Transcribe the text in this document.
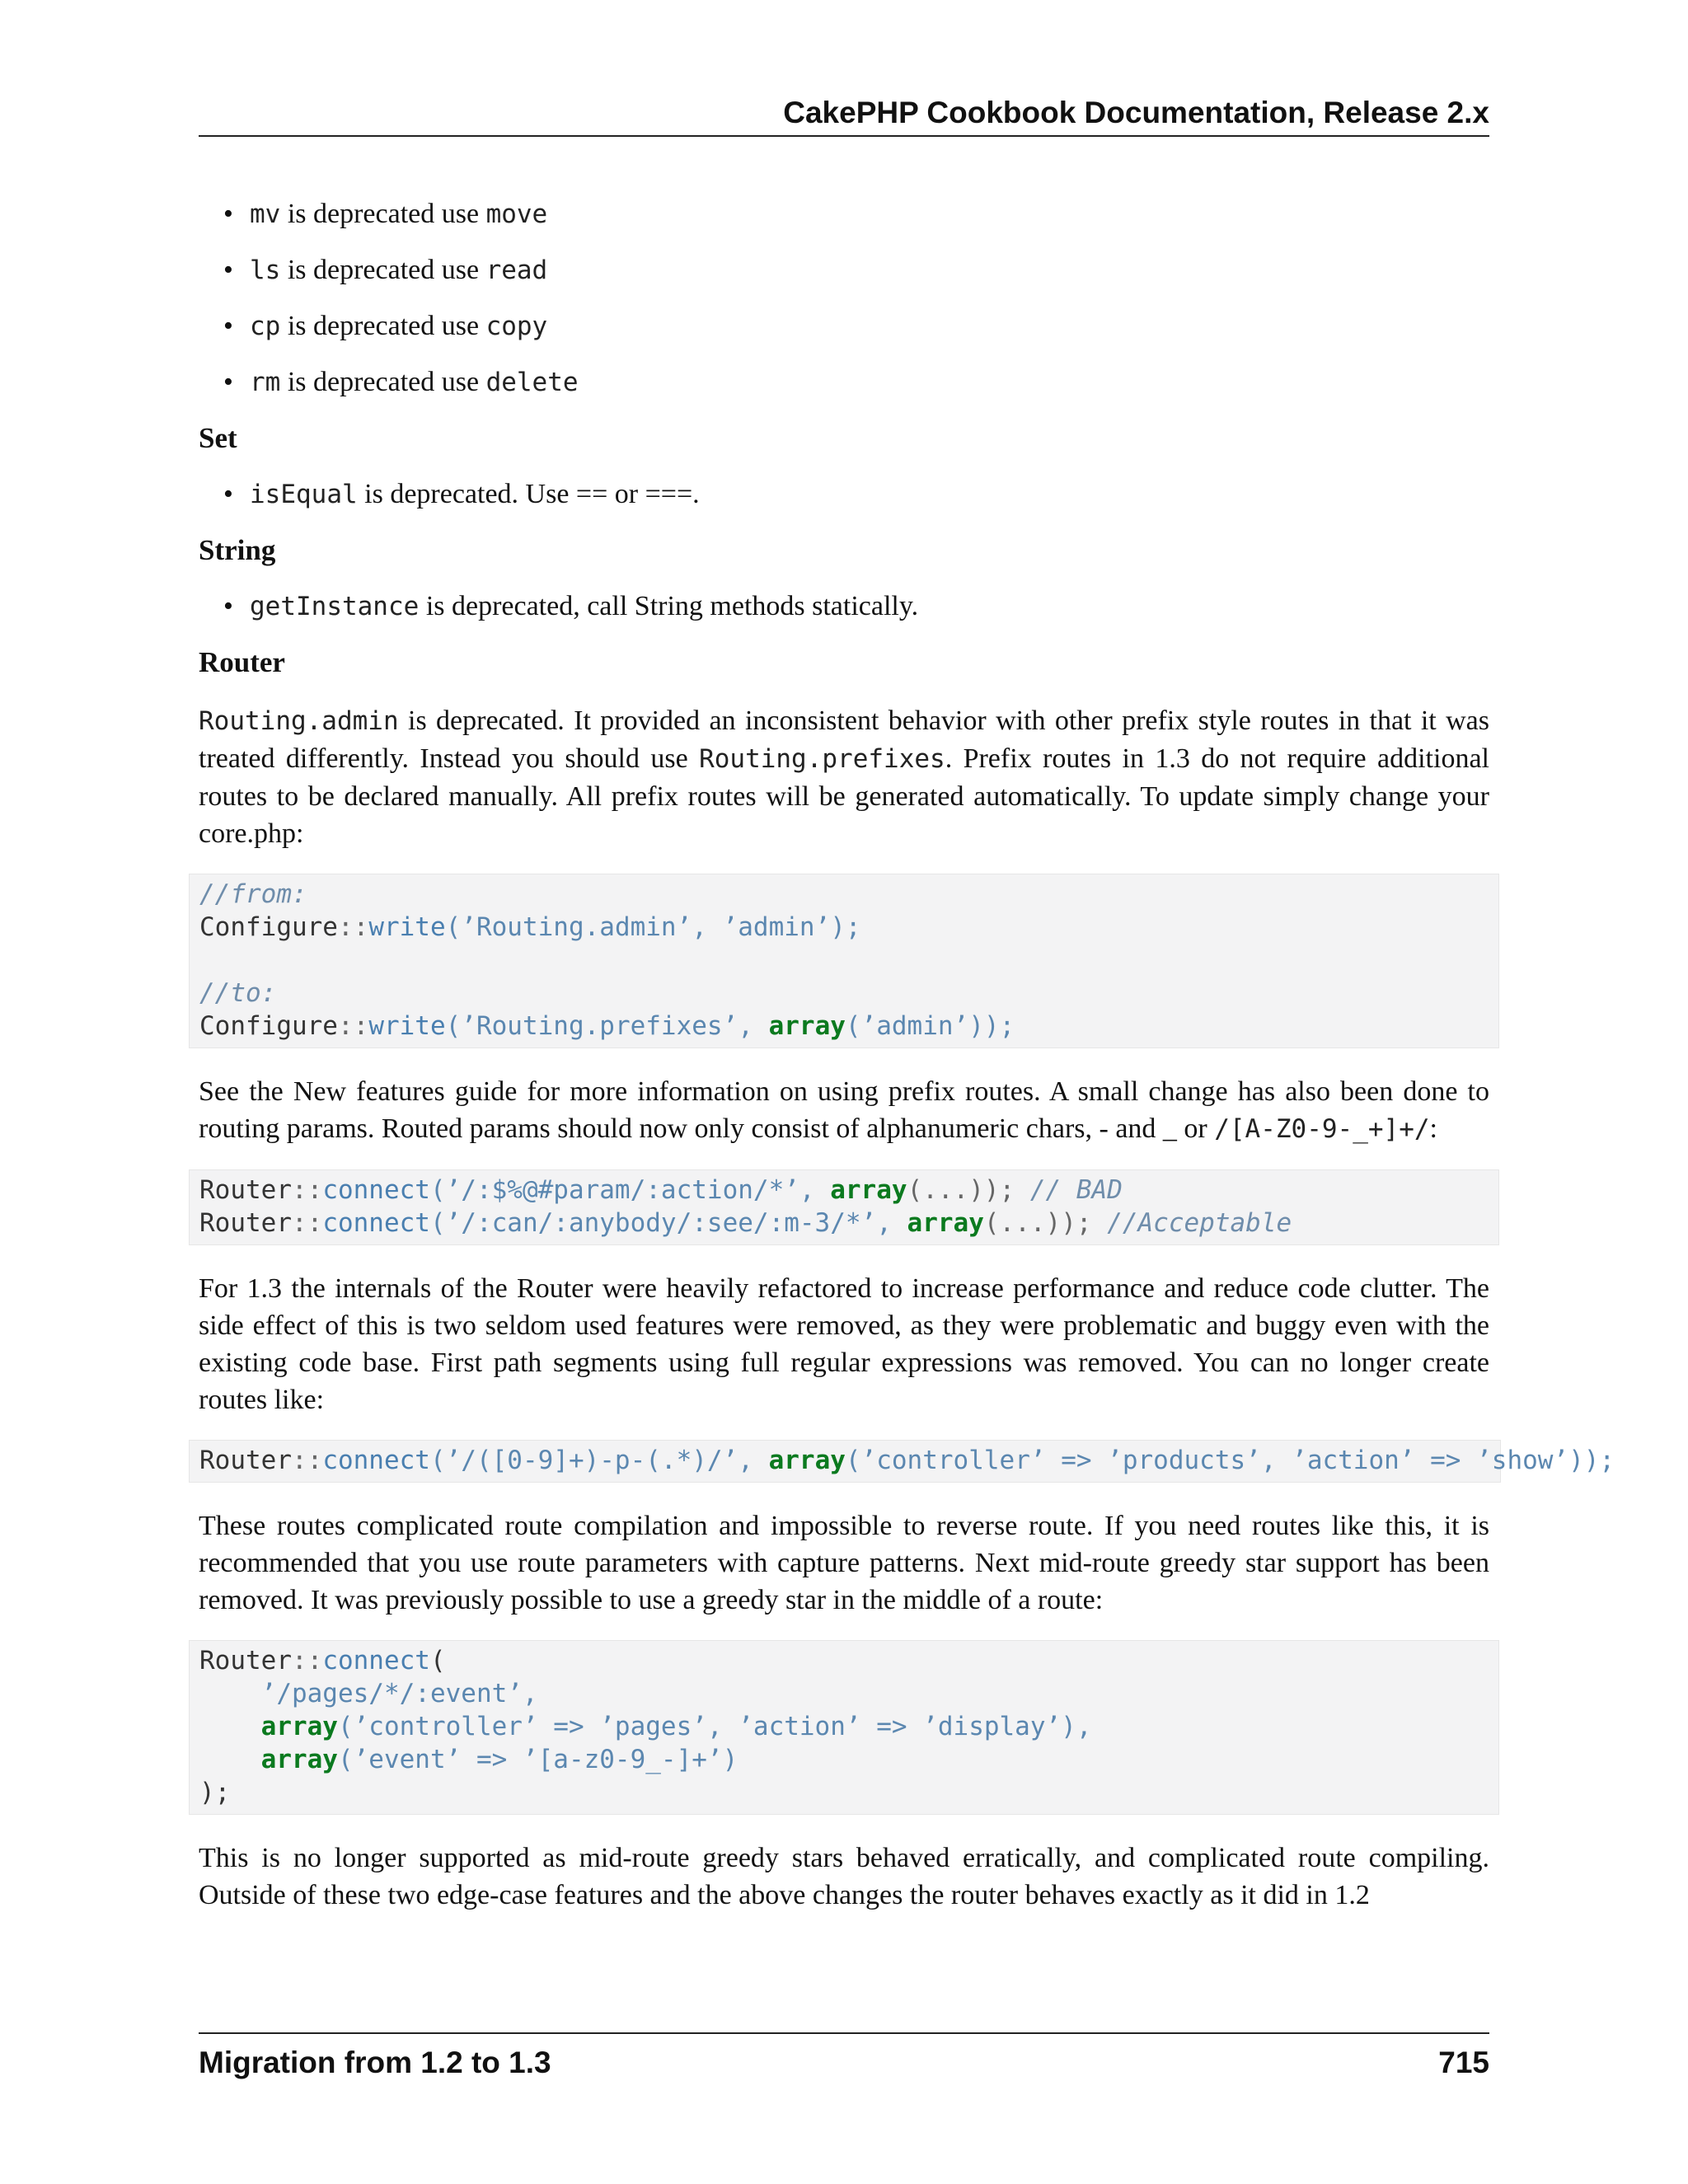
CakePHP Cookbook Documentation, Release 2.x
• mv is deprecated use move
• ls is deprecated use read
• cp is deprecated use copy
• rm is deprecated use delete
Set
• isEqual is deprecated. Use == or ===.
String
• getInstance is deprecated, call String methods statically.
Router

Routing.admin is deprecated. It provided an inconsistent behavior with other prefix style routes in that it was treated differently. Instead you should use Routing.prefixes. Prefix routes in 1.3 do not require additional routes to be declared manually. All prefix routes will be generated automatically. To update simply change your core.php:

//from:
Configure::write(’Routing.admin’, ’admin’);

//to:
Configure::write(’Routing.prefixes’, array(’admin’));

See the New features guide for more information on using prefix routes. A small change has also been done to routing params. Routed params should now only consist of alphanumeric chars, - and _ or /[A-Z0-9-_+]+/:

Router::connect(’/:$%@#param/:action/*’, array(...)); // BAD
Router::connect(’/:can/:anybody/:see/:m-3/*’, array(...)); //Acceptable

For 1.3 the internals of the Router were heavily refactored to increase performance and reduce code clutter. The side effect of this is two seldom used features were removed, as they were problematic and buggy even with the existing code base. First path segments using full regular expressions was removed. You can no longer create routes like:

Router::connect(’/([0-9]+)-p-(.*)/’, array(’controller’ => ’products’, ’action’ => ’show’));

These routes complicated route compilation and impossible to reverse route. If you need routes like this, it is recommended that you use route parameters with capture patterns. Next mid-route greedy star support has been removed. It was previously possible to use a greedy star in the middle of a route:

Router::connect(
’/pages/*/:event’,
array(’controller’ => ’pages’, ’action’ => ’display’),
array(’event’ => ’[a-z0-9_-]+’)
);

This is no longer supported as mid-route greedy stars behaved erratically, and complicated route compiling. Outside of these two edge-case features and the above changes the router behaves exactly as it did in 1.2

Migration from 1.2 to 1.3	715
